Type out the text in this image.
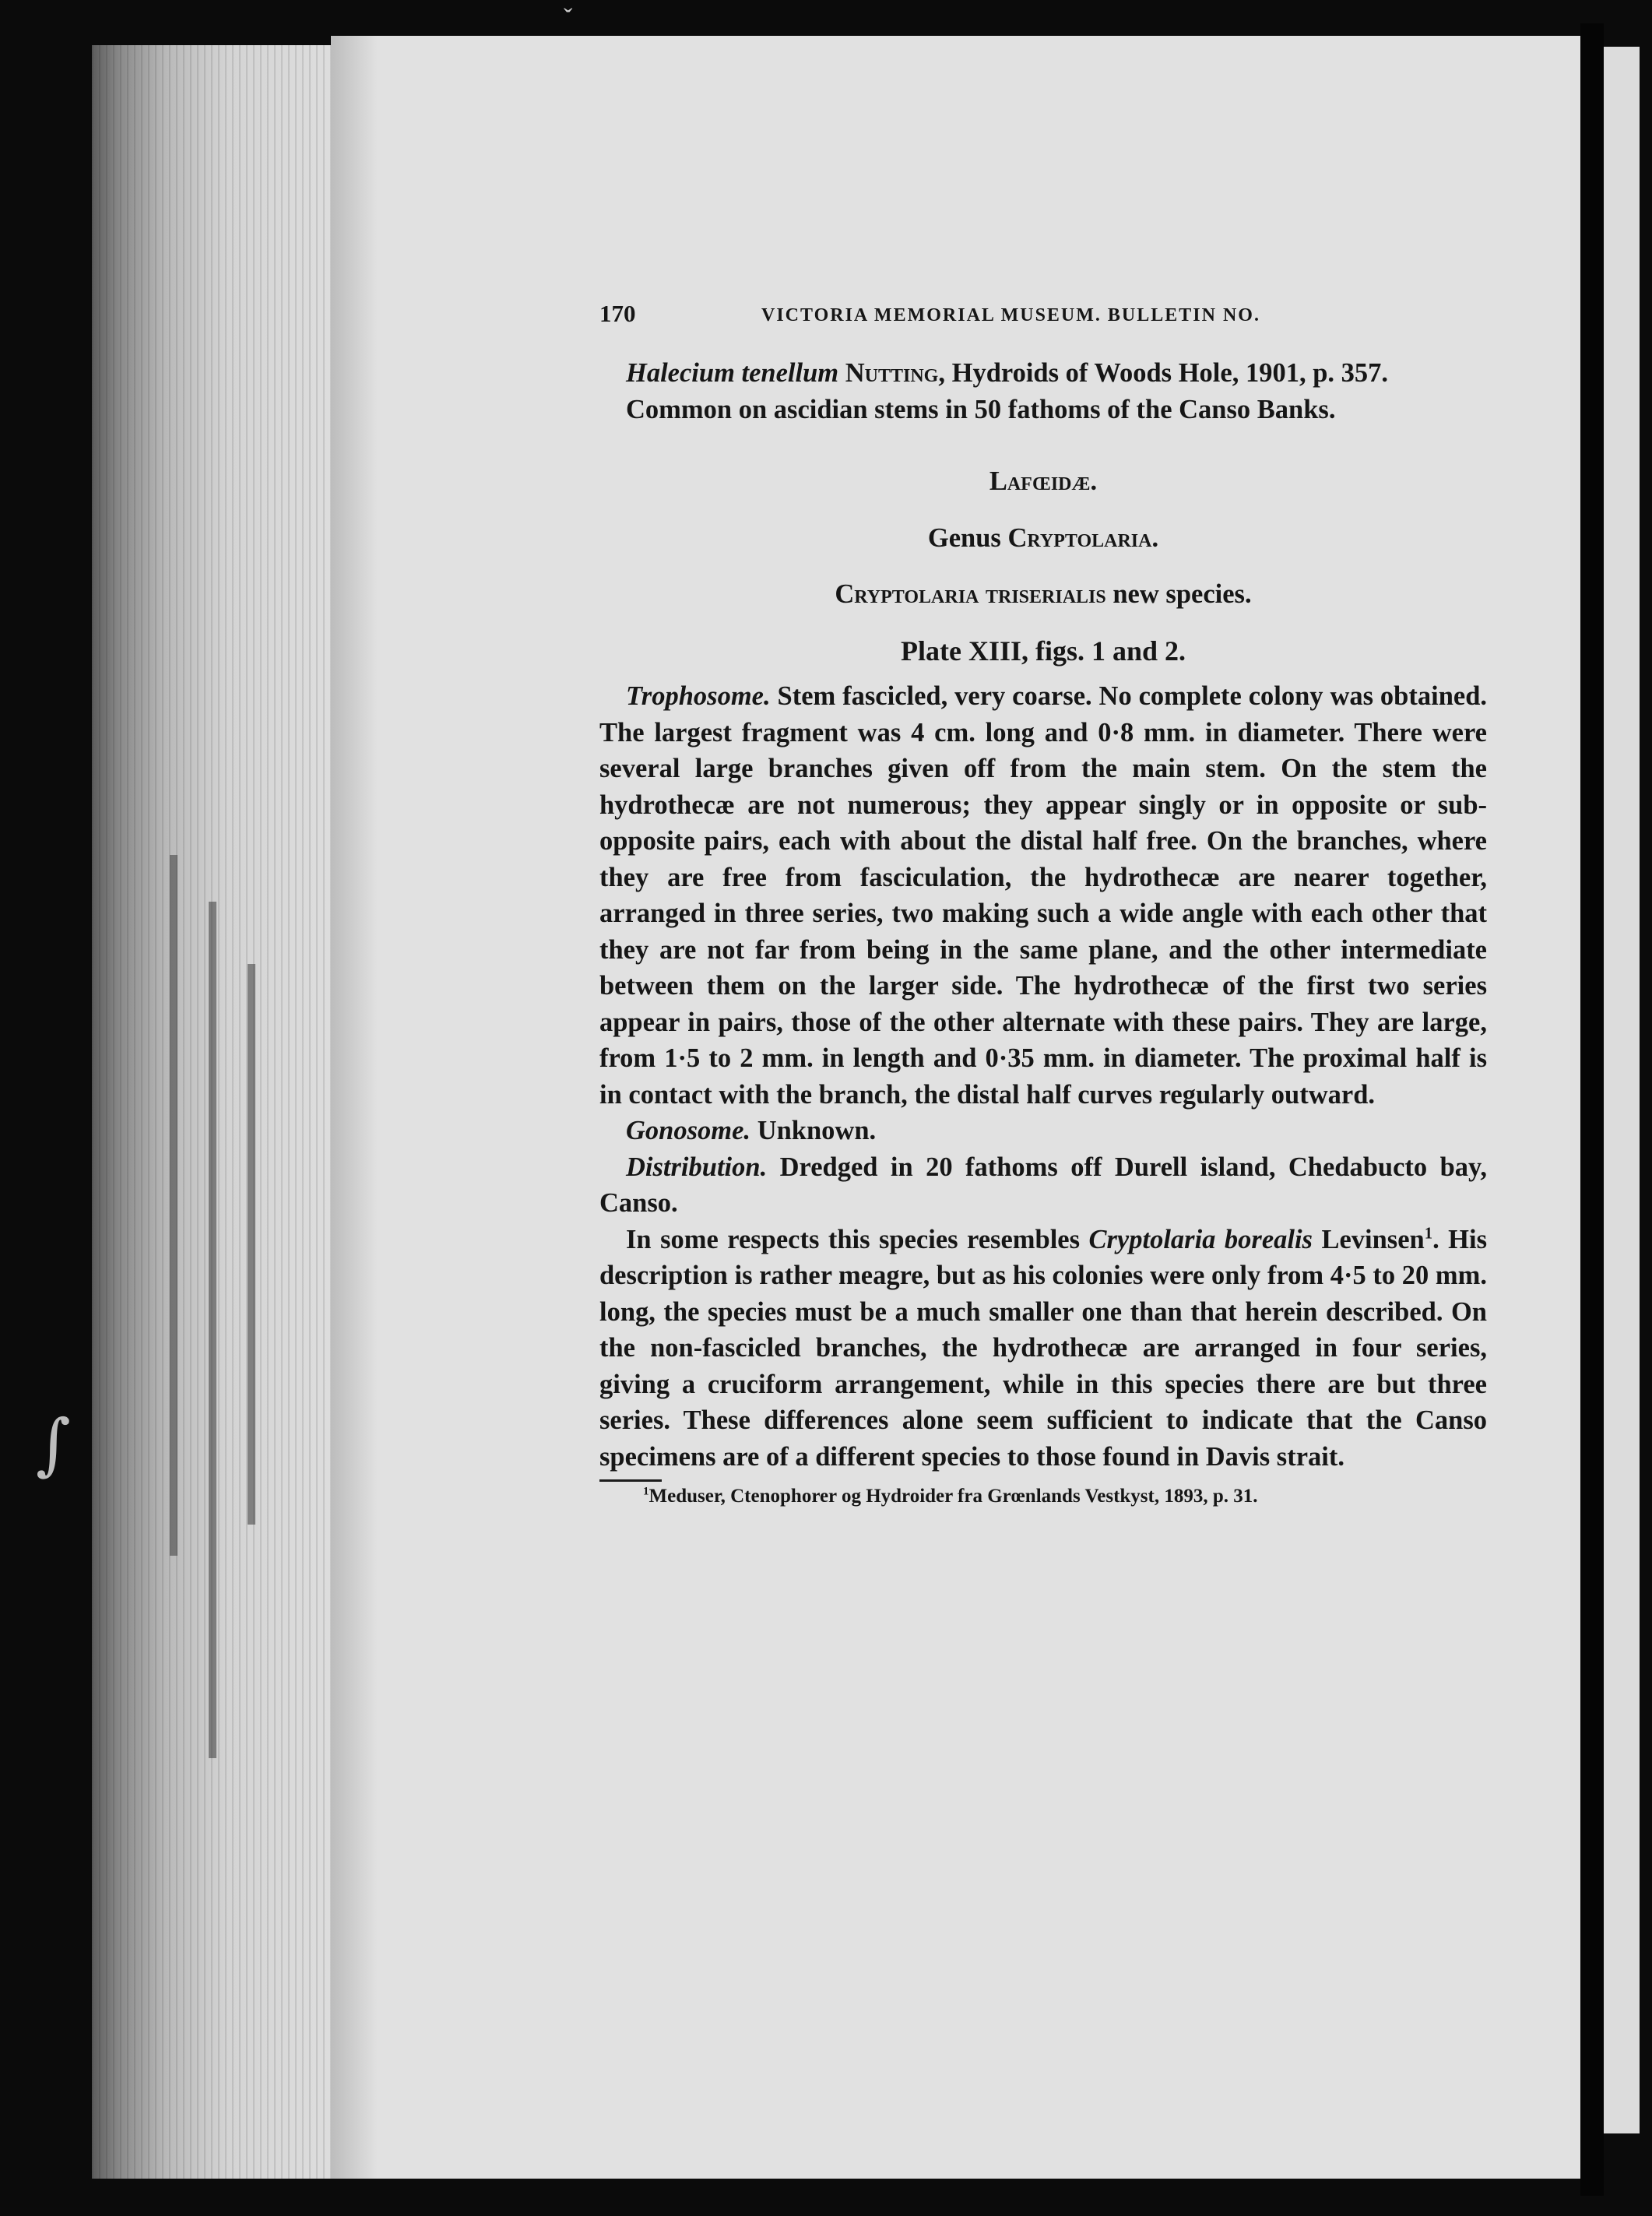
ˇ
∫
170	VICTORIA MEMORIAL MUSEUM. BULLETIN NO.

Halecium tenellum Nutting, Hydroids of Woods Hole, 1901, p. 357.

Common on ascidian stems in 50 fathoms of the Canso Banks.

Lafœidæ.

Genus Cryptolaria.

Cryptolaria triserialis new species.

Plate XIII, figs. 1 and 2.

Trophosome. Stem fascicled, very coarse. No complete colony was obtained. The largest fragment was 4 cm. long and 0·8 mm. in diameter. There were several large branches given off from the main stem. On the stem the hydrothecæ are not numerous; they appear singly or in opposite or sub-opposite pairs, each with about the distal half free. On the branches, where they are free from fasciculation, the hydrothecæ are nearer together, arranged in three series, two making such a wide angle with each other that they are not far from being in the same plane, and the other intermediate between them on the larger side. The hydrothecæ of the first two series appear in pairs, those of the other alternate with these pairs. They are large, from 1·5 to 2 mm. in length and 0·35 mm. in diameter. The proximal half is in contact with the branch, the distal half curves regularly outward.

Gonosome. Unknown.

Distribution. Dredged in 20 fathoms off Durell island, Chedabucto bay, Canso.

In some respects this species resembles Cryptolaria borealis Levinsen$^1$. His description is rather meagre, but as his colonies were only from 4·5 to 20 mm. long, the species must be a much smaller one than that herein described. On the non-fascicled branches, the hydrothecæ are arranged in four series, giving a cruciform arrangement, while in this species there are but three series. These differences alone seem sufficient to indicate that the Canso specimens are of a different species to those found in Davis strait.

$^1$Meduser, Ctenophorer og Hydroider fra Grœnlands Vestkyst, 1893, p. 31.
